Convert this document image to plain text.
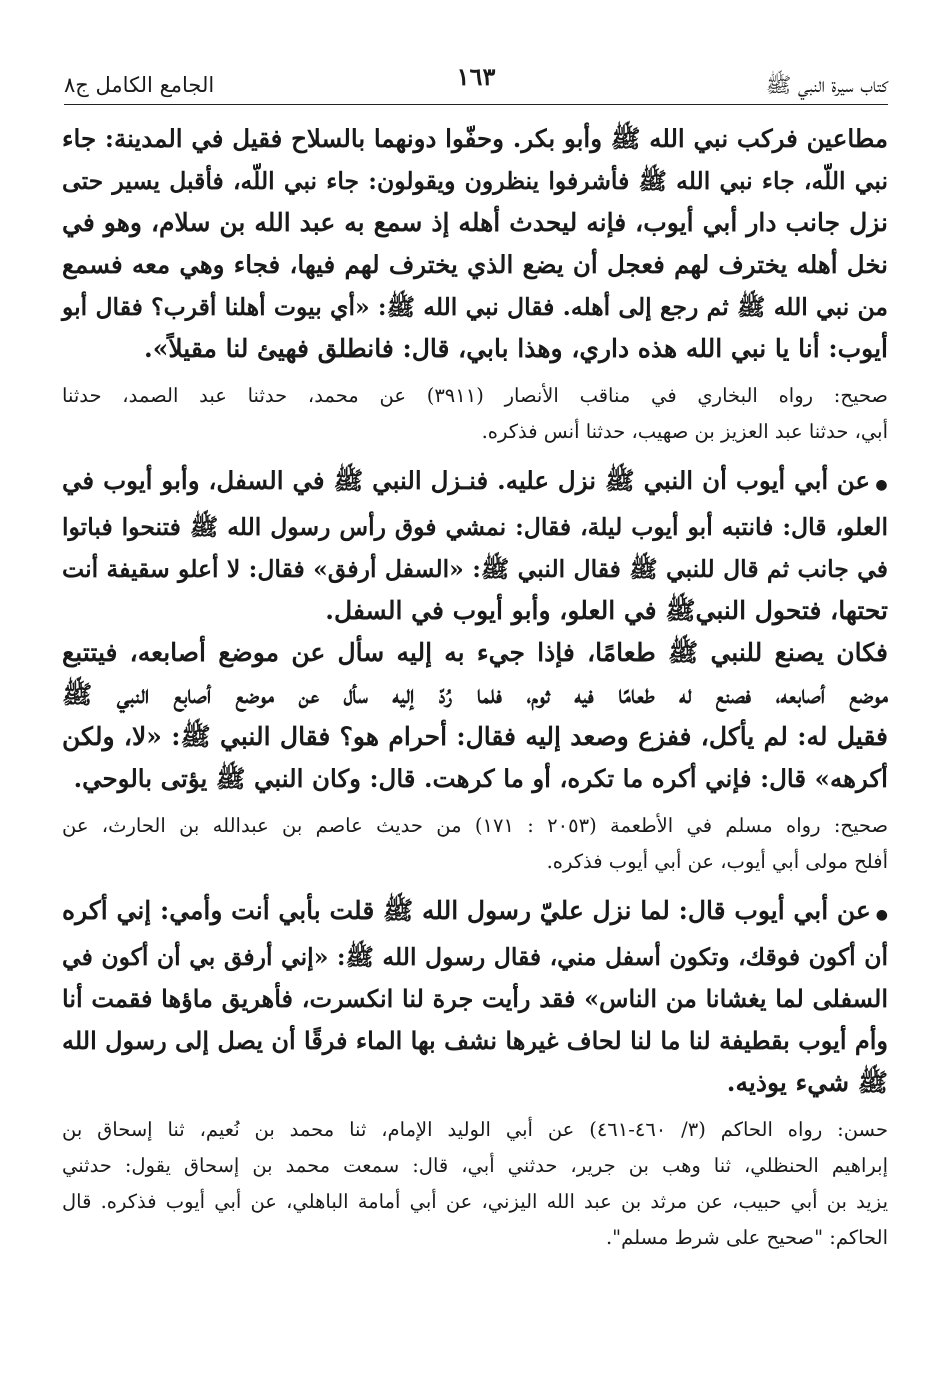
كتاب سيرة النبي ﷺ
١٦٣
الجامع الكامل ج٨
مطاعين فركب نبي الله ﷺ وأبو بكر. وحفّوا دونهما بالسلاح فقيل في المدينة: جاء
نبي اللّه، جاء نبي الله ﷺ فأشرفوا ينظرون ويقولون: جاء نبي اللّه، فأقبل يسير حتى
نزل جانب دار أبي أيوب، فإنه ليحدث أهله إذ سمع به عبد الله بن سلام، وهو في
نخل أهله يخترف لهم فعجل أن يضع الذي يخترف لهم فيها، فجاء وهي معه فسمع
من نبي الله ﷺ ثم رجع إلى أهله. فقال نبي الله ﷺ: «أي بيوت أهلنا أقرب؟ فقال أبو
أيوب: أنا يا نبي الله هذه داري، وهذا بابي، قال: فانطلق فهيئ لنا مقيلاً».
صحيح: رواه البخاري في مناقب الأنصار (٣٩١١) عن محمد، حدثنا عبد الصمد، حدثنا
أبي، حدثنا عبد العزيز بن صهيب، حدثنا أنس فذكره.
● عن أبي أيوب أن النبي ﷺ نزل عليه. فنـزل النبي ﷺ في السفل، وأبو أيوب في
العلو، قال: فانتبه أبو أيوب ليلة، فقال: نمشي فوق رأس رسول الله ﷺ فتنحوا فباتوا
في جانب ثم قال للنبي ﷺ فقال النبي ﷺ: «السفل أرفق» فقال: لا أعلو سقيفة أنت
تحتها، فتحول النبيﷺ في العلو، وأبو أيوب في السفل.
فكان يصنع للنبي ﷺ طعامًا، فإذا جيء به إليه سأل عن موضع أصابعه، فيتتبع
موضع أصابعه، فصنع له طعامًا فيه ثوم، فلما رُدّ إليه سأل عن موضع أصابع النبي ﷺ
فقيل له: لم يأكل، ففزع وصعد إليه فقال: أحرام هو؟ فقال النبي ﷺ: «لا، ولكن
أكرهه» قال: فإني أكره ما تكره، أو ما كرهت. قال: وكان النبي ﷺ يؤتى بالوحي.
صحيح: رواه مسلم في الأطعمة (٢٠٥٣ : ١٧١) من حديث عاصم بن عبدالله بن الحارث، عن
أفلح مولى أبي أيوب، عن أبي أيوب فذكره.
● عن أبي أيوب قال: لما نزل عليّ رسول الله ﷺ قلت بأبي أنت وأمي: إني أكره
أن أكون فوقك، وتكون أسفل مني، فقال رسول الله ﷺ: «إني أرفق بي أن أكون في
السفلى لما يغشانا من الناس» فقد رأيت جرة لنا انكسرت، فأهريق ماؤها فقمت أنا
وأم أيوب بقطيفة لنا ما لنا لحاف غيرها نشف بها الماء فرقًا أن يصل إلى رسول الله
ﷺ شيء يوذيه.
حسن: رواه الحاكم (٣/ ٤٦٠-٤٦١) عن أبي الوليد الإمام، ثنا محمد بن نُعيم، ثنا إسحاق بن
إبراهيم الحنظلي، ثنا وهب بن جرير، حدثني أبي، قال: سمعت محمد بن إسحاق يقول: حدثني
يزيد بن أبي حبيب، عن مرثد بن عبد الله اليزني، عن أبي أمامة الباهلي، عن أبي أيوب فذكره. قال
الحاكم: "صحيح على شرط مسلم".
